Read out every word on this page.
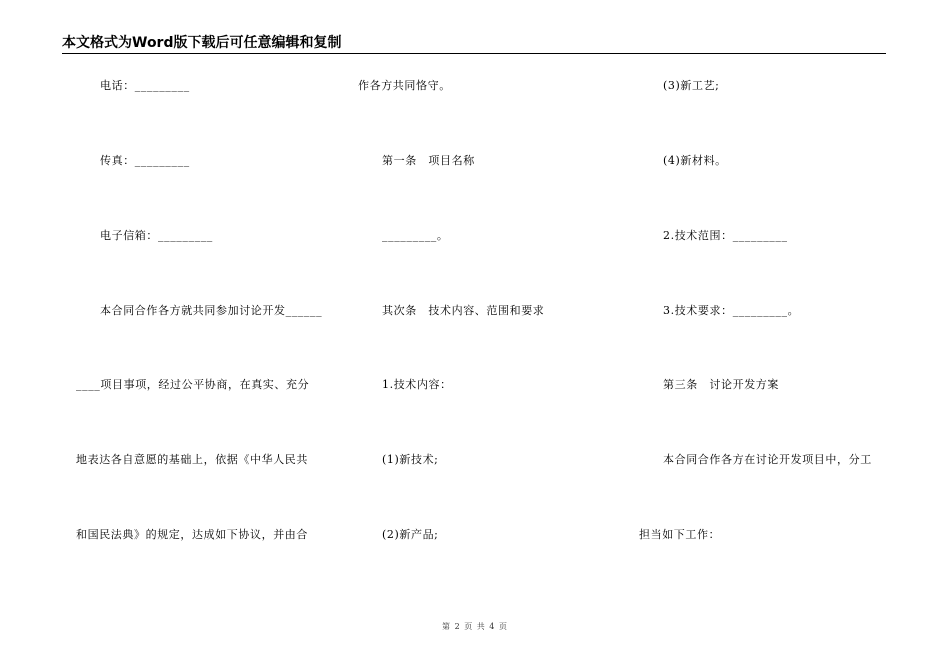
本文格式为Word版下载后可任意编辑和复制
电话：_________
传真：_________
电子信箱：_________
本合同合作各方就共同参加讨论开发______
____项目事项，经过公平协商，在真实、充分
地表达各自意愿的基础上，依据《中华人民共
和国民法典》的规定，达成如下协议，并由合
作各方共同恪守。
第一条　项目名称
_________。
其次条　技术内容、范围和要求
1.技术内容：
(1)新技术;
(2)新产品;
(3)新工艺;
(4)新材料。
2.技术范围：_________
3.技术要求：_________。
第三条　讨论开发方案
本合同合作各方在讨论开发项目中，分工
担当如下工作：
第 2 页 共 4 页
